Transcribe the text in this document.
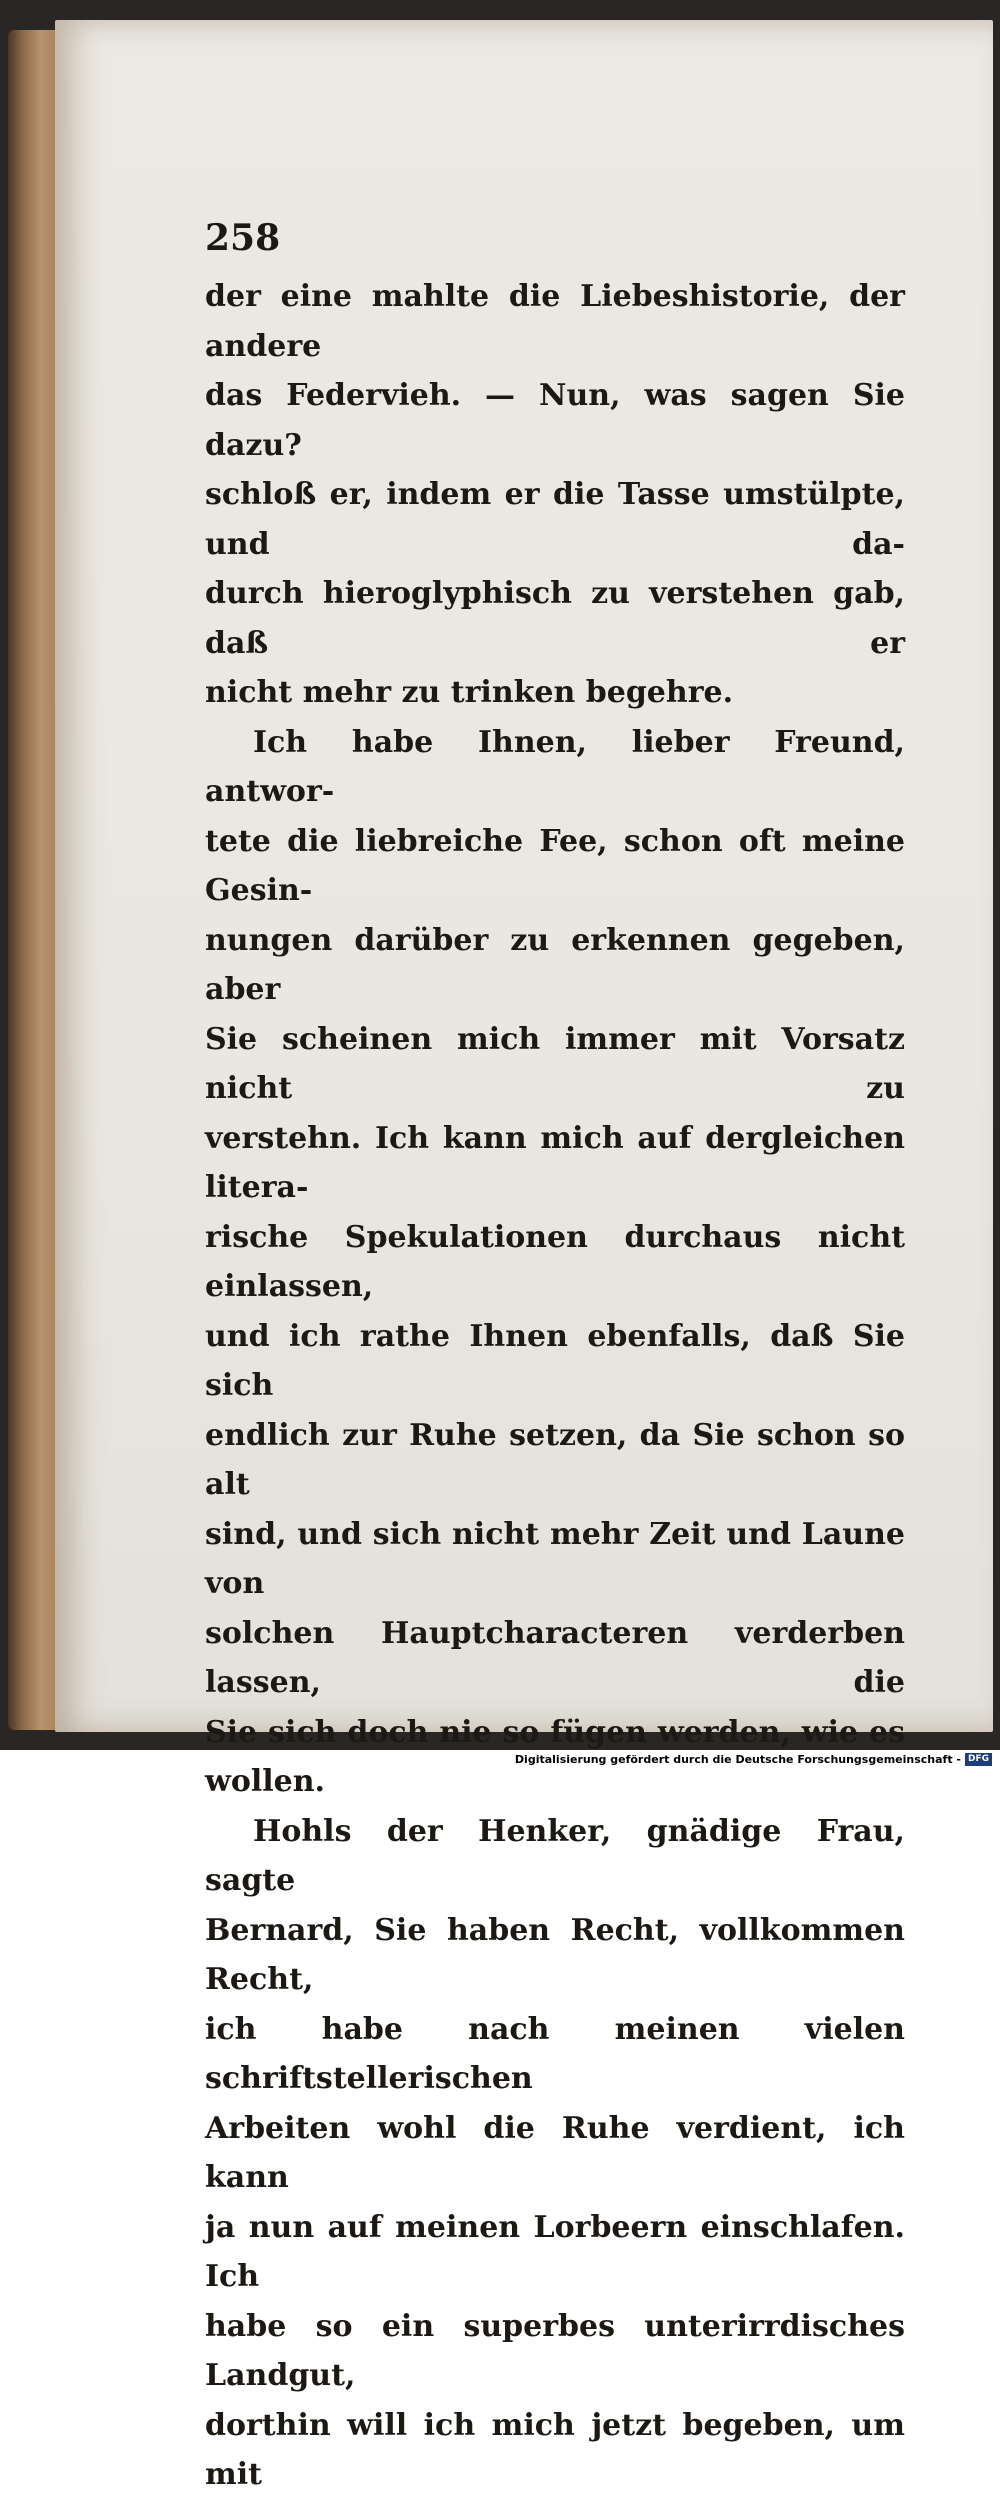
258

der eine mahlte die Liebeshistorie, der andere

das Federvieh. — Nun, was sagen Sie dazu?

schloß er, indem er die Tasse umstülpte, und da-

durch hieroglyphisch zu verstehen gab, daß er

nicht mehr zu trinken begehre.

Ich habe Ihnen, lieber Freund, antwor-

tete die liebreiche Fee, schon oft meine Gesin-

nungen darüber zu erkennen gegeben, aber

Sie scheinen mich immer mit Vorsatz nicht zu

verstehn. Ich kann mich auf dergleichen litera-

rische Spekulationen durchaus nicht einlassen,

und ich rathe Ihnen ebenfalls, daß Sie sich

endlich zur Ruhe setzen, da Sie schon so alt

sind, und sich nicht mehr Zeit und Laune von

solchen Hauptcharacteren verderben lassen, die

Sie sich doch nie so fügen werden, wie es

wollen.

Hohls der Henker, gnädige Frau, sagte

Bernard, Sie haben Recht, vollkommen Recht,

ich habe nach meinen vielen schriftstellerischen

Arbeiten wohl die Ruhe verdient, ich kann

ja nun auf meinen Lorbeern einschlafen. Ich

habe so ein superbes unterirrdisches Landgut,

dorthin will ich mich jetzt begeben, um mit

Digitalisierung gefördert durch die Deutsche Forschungsgemeinschaft - DFG
